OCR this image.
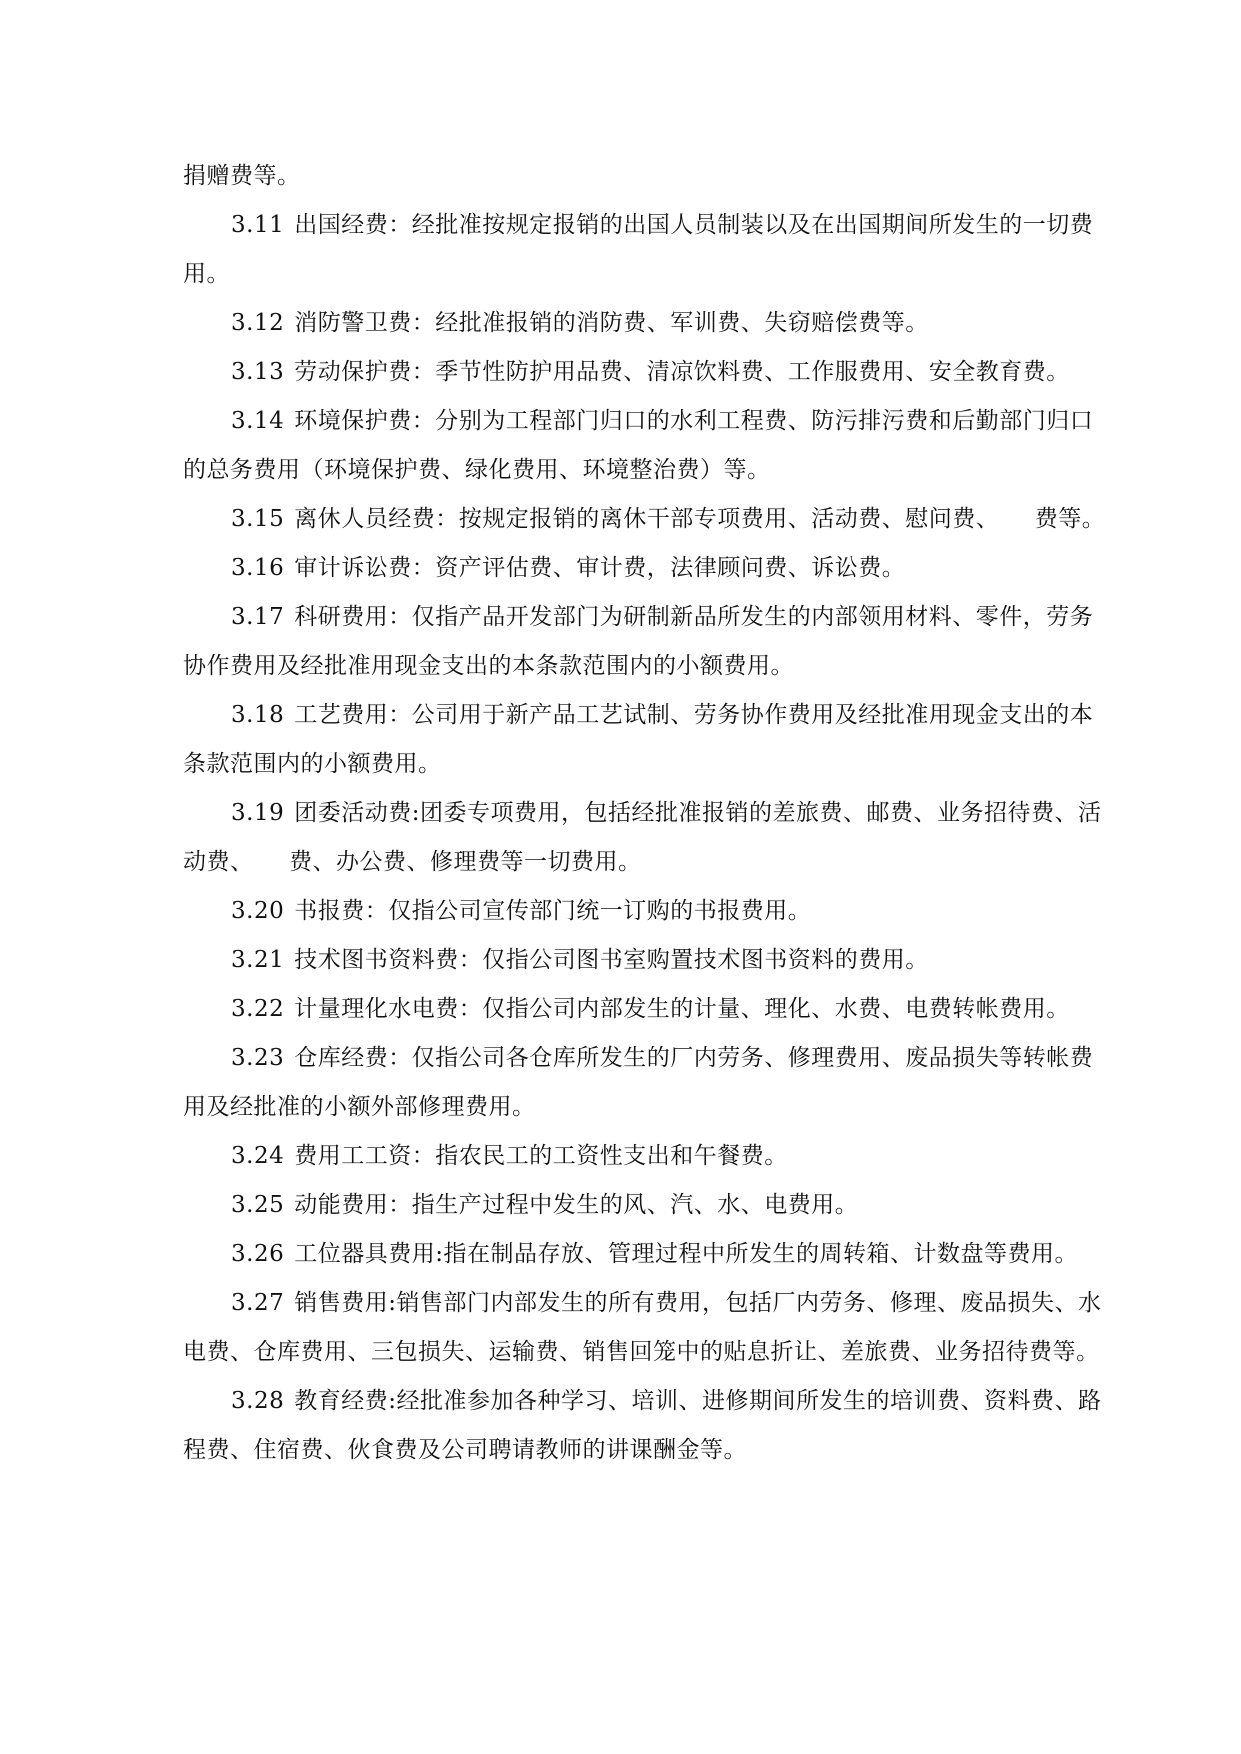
捐赠费等。

3.11 出国经费：经批准按规定报销的出国人员制装以及在出国期间所发生的一切费用。

3.12 消防警卫费：经批准报销的消防费、军训费、失窃赔偿费等。

3.13 劳动保护费：季节性防护用品费、清凉饮料费、工作服费用、安全教育费。

3.14 环境保护费：分别为工程部门归口的水利工程费、防污排污费和后勤部门归口的总务费用（环境保护费、绿化费用、环境整治费）等。

3.15 离休人员经费：按规定报销的离休干部专项费用、活动费、慰问费、　　费等。

3.16 审计诉讼费：资产评估费、审计费，法律顾问费、诉讼费。

3.17 科研费用：仅指产品开发部门为研制新品所发生的内部领用材料、零件，劳务协作费用及经批准用现金支出的本条款范围内的小额费用。

3.18 工艺费用：公司用于新产品工艺试制、劳务协作费用及经批准用现金支出的本条款范围内的小额费用。

3.19 团委活动费:团委专项费用，包括经批准报销的差旅费、邮费、业务招待费、活动费、　　费、办公费、修理费等一切费用。

3.20 书报费：仅指公司宣传部门统一订购的书报费用。

3.21 技术图书资料费：仅指公司图书室购置技术图书资料的费用。

3.22 计量理化水电费：仅指公司内部发生的计量、理化、水费、电费转帐费用。

3.23 仓库经费：仅指公司各仓库所发生的厂内劳务、修理费用、废品损失等转帐费用及经批准的小额外部修理费用。

3.24 费用工工资：指农民工的工资性支出和午餐费。

3.25 动能费用：指生产过程中发生的风、汽、水、电费用。

3.26 工位器具费用:指在制品存放、管理过程中所发生的周转箱、计数盘等费用。

3.27 销售费用:销售部门内部发生的所有费用，包括厂内劳务、修理、废品损失、水电费、仓库费用、三包损失、运输费、销售回笼中的贴息折让、差旅费、业务招待费等。

3.28 教育经费:经批准参加各种学习、培训、进修期间所发生的培训费、资料费、路程费、住宿费、伙食费及公司聘请教师的讲课酬金等。
